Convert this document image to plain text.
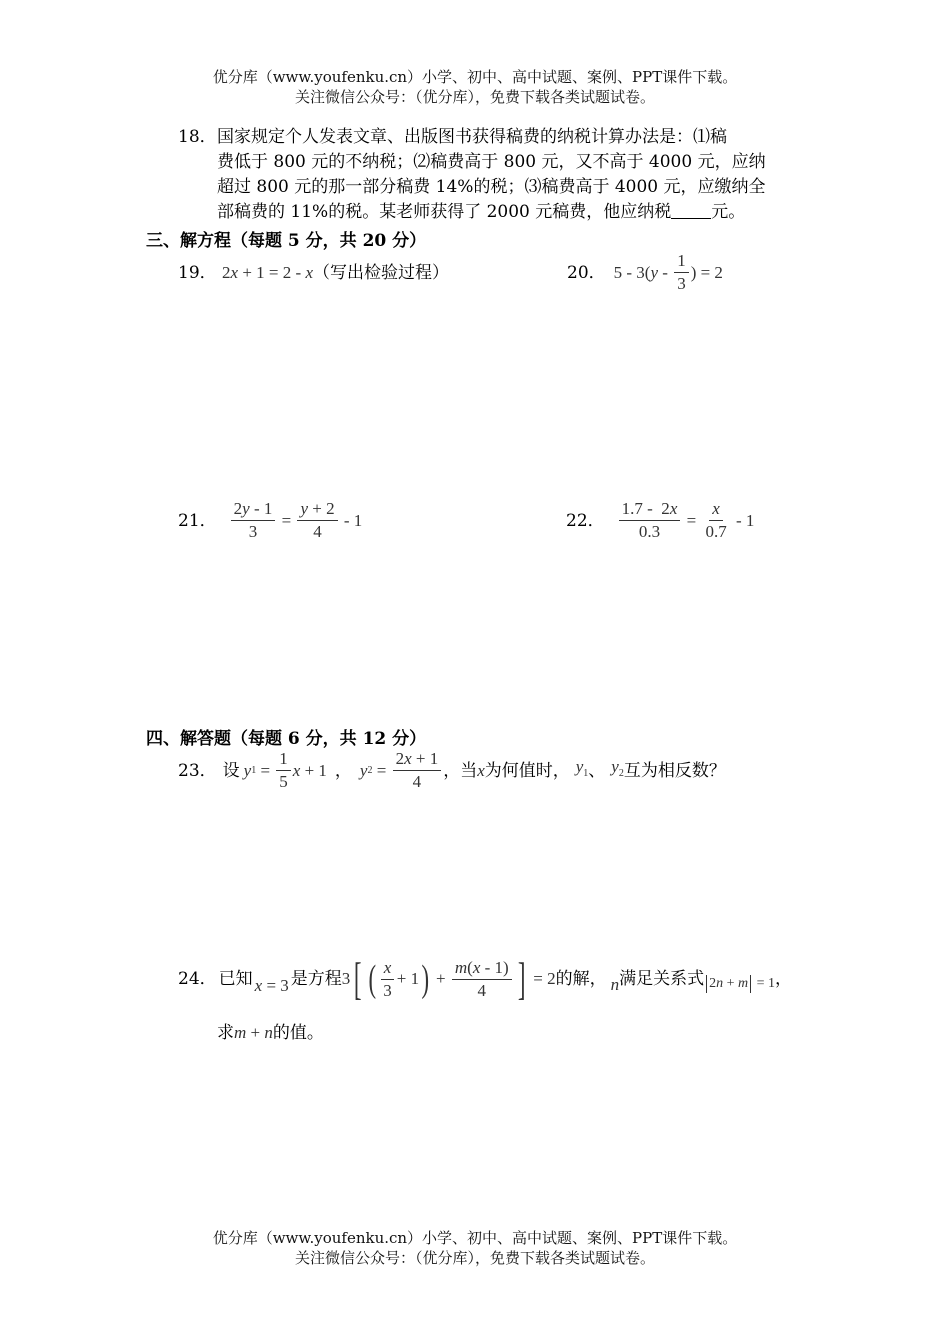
优分库（www.youfenku.cn）小学、初中、高中试题、案例、PPT课件下载。
关注微信公众号：（优分库），免费下载各类试题试卷。
18． 国家规定个人发表文章、出版图书获得稿费的纳税计算办法是：⑴稿
费低于 800 元的不纳税；⑵稿费高于 800 元，又不高于 4000 元，应纳
超过 800 元的那一部分稿费 14%的税；⑶稿费高于 4000 元，应缴纳全
部稿费的 11%的税。某老师获得了 2000 元稿费，他应纳税 元。
三、解方程（每题 5 分，共 20 分）
19． 2x + 1 = 2 - x（写出检验过程）	20． 5 - 3( y - $\frac{1}{3}$ ) = 2
21． $\frac{2y - 1}{3} = \frac{y + 2}{4} - 1$	22． $\frac{1.7 - 2x}{0.3} = \frac{x}{0.7} - 1$
四、解答题（每题 6 分，共 12 分）
23． 设 y $1 = \frac{1}{5}$ x + 1 ， y $2 = \frac{2x + 1}{4}$ ，当 x 为何值时， $y_1$ 、 $y_2$ 互为相反数？
24． 已知 x = 3 是方程 3 [ ( $\frac{x}{3} + 1$ ) + $\frac{m(x - 1)}{4}$ ] = 2 的解， n 满足关系式 2 n + m = 1 ，
求m + n的值。
优分库（www.youfenku.cn）小学、初中、高中试题、案例、PPT课件下载。
关注微信公众号：（优分库），免费下载各类试题试卷。
